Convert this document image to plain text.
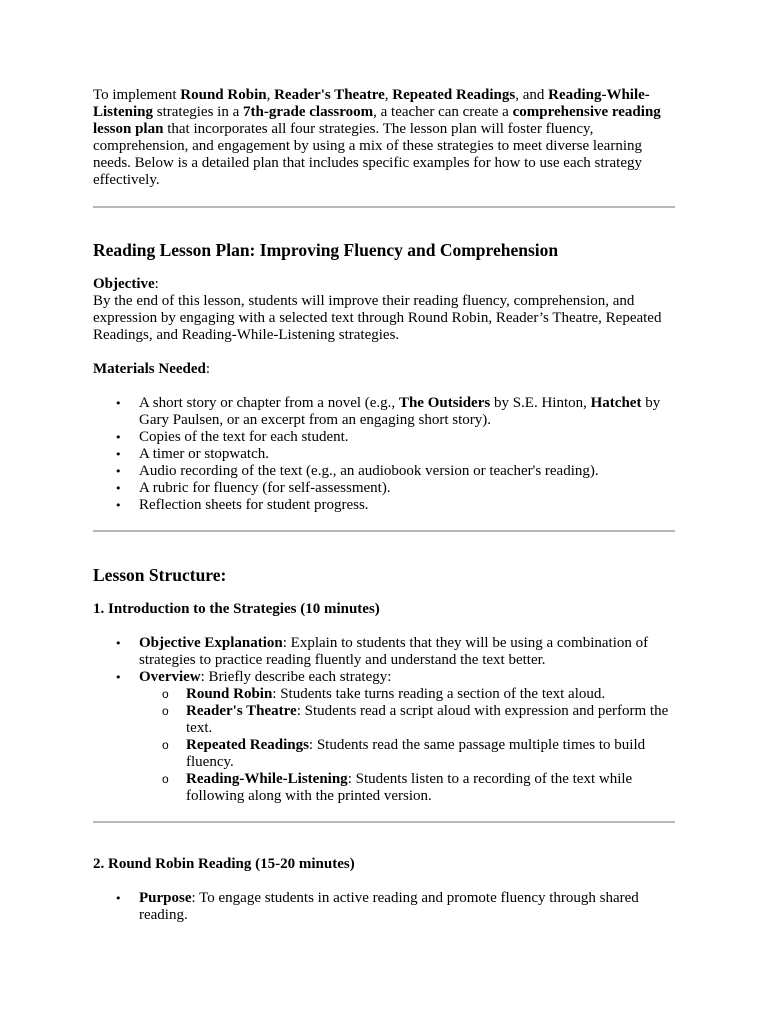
To implement Round Robin, Reader's Theatre, Repeated Readings, and Reading-While-Listening strategies in a 7th-grade classroom, a teacher can create a comprehensive reading lesson plan that incorporates all four strategies. The lesson plan will foster fluency, comprehension, and engagement by using a mix of these strategies to meet diverse learning needs. Below is a detailed plan that includes specific examples for how to use each strategy effectively.

Reading Lesson Plan: Improving Fluency and Comprehension

Objective:

By the end of this lesson, students will improve their reading fluency, comprehension, and expression by engaging with a selected text through Round Robin, Reader’s Theatre, Repeated Readings, and Reading-While-Listening strategies.

Materials Needed:

• A short story or chapter from a novel (e.g., The Outsiders by S.E. Hinton, Hatchet by Gary Paulsen, or an excerpt from an engaging short story).
• Copies of the text for each student.
• A timer or stopwatch.
• Audio recording of the text (e.g., an audiobook version or teacher's reading).
• A rubric for fluency (for self-assessment).
• Reflection sheets for student progress.
Lesson Structure:
1. Introduction to the Strategies (10 minutes)
• Objective Explanation: Explain to students that they will be using a combination of strategies to practice reading fluently and understand the text better.
• Overview: Briefly describe each strategy:
o Round Robin: Students take turns reading a section of the text aloud.
o Reader's Theatre: Students read a script aloud with expression and perform the text.
o Repeated Readings: Students read the same passage multiple times to build fluency.
o Reading-While-Listening: Students listen to a recording of the text while following along with the printed version.
2. Round Robin Reading (15-20 minutes)
• Purpose: To engage students in active reading and promote fluency through shared reading.
